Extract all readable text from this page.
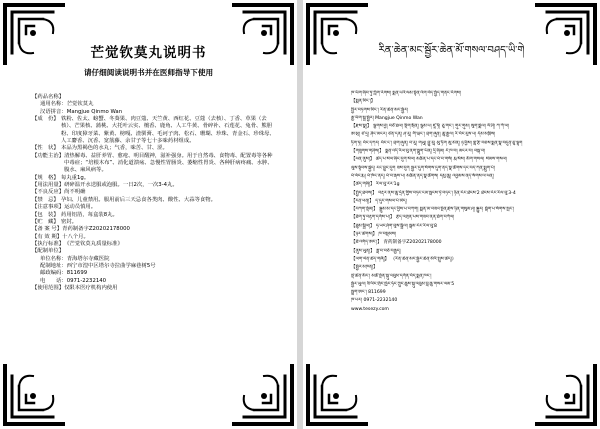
芒觉钦莫丸说明书
请仔细阅读说明书并在医师指导下使用
【药品名称】
通用名称：芒觉钦莫丸
汉语拼音：Mangjue Qinmo Wan
【成　份】 铁粉、佐太、螃蟹、冬葵果、肉豆蔻、天竺黄、西红花、豆蔻（去核）、丁香、草果（去核）、芒果核、蒲桃、大托叶云实、檀香、鹿角、人工牛黄、骨碎补、石莲花、兔骨、熊胆粉、印度獐牙菜、紫黄、榜嘎、渣驯膏、毛诃子肉、松石、珊瑚、珍珠、青金石、珍珠母、人工麝香、沉香、宽筋藤、余甘子等七十多味药材组成。
【性　状】 本品为黑褐色的水丸；气香，味苦、甘、涩。
【功能主治】 清热解毒、益肝养胃、愈疮、明目醒神，滋补强身。用于自然毒、食物毒、配置毒等各种中毒症；“培根木布”、消化道溃疡、急慢性胃肠炎、萎缩性胃炎、各种肝病疼痛、水肿、腹水、麻风病等。
【规　格】 每丸重1g。
【用法用量】 研碎温开水送服或泡服。一日2次，一次3-4丸。
【不良反应】 尚不明确
【禁　忌】 孕妇、儿童禁用。服用前后三天忌食各类肉、酸性、大蒜等食物。
【注意事项】 运动员慎用。
【包　装】 药用铝箔，每盒装8丸。
【贮　藏】 密封。
【备 案 号】 青药制备字Z20202178000
【有 效 期】 十八个月。
【执行标准】 《芒觉钦莫丸质量标准》
【配制单位】
单位名称：青海塔尔寺藏医院
配制地址：西宁市湟中区塔尔寺拉曲学麻巷树5号
邮政编码：811699
电　　话：0971-2232140
【使用范围】 仅限本医疗机构内使用
རིན་ཆེན་མང་སྦྱོར་ཆེན་མོ་གསལ་བཤད་ཡི་གེ
ཁ་ཡིག་ཞིབ་ཏུ་ཀློག་རོགས། སྨན་པའི་ལམ་སྟོན་འོག་བེད་སྤྱོད་གནང་རོགས།
【སྨན་མིང་།】
སྤྱིར་བཏགས་མིང་། རིན་ཆེན་མང་སྦྱོར།
རྒྱ་ཡིག་སྒྲ་སྦྱོར། Mangjue Qinmo Wan
【རྫས་སྣ།】 ལྕགས་ཕྱེ། བཙོ་ཐལ། སྡིག་སྲིན། ལྕམ་པ། ཛཱ་ཏི། ཅུ་གང་། གུར་གུམ། སུག་སྨེལ། ལི་ཤི། ཀ་ཀོ་ལ།
ཨ་མྲ། ཙ་དྲ། ཤིང་མངར། ཙན་དན། ཤ་རུ། གི་ཝང་། བྲག་ཞུན། ཆུ་རྒྱལ། རི་བོང་རུས་པ། དོམ་མཁྲིས།
ཏིག་ཏ། བོང་དཀར། བོང་ང་། བྲག་ཞུན། བ་རུ། གཡུ། བྱུ་རུ། མུ་ཏིག མུ་མེན། ཉ་ཕྱིས། གླ་རྩི་བཅས་སྨན་སྣ་བདུན་ཅུ་ལྷག
【གཟུགས་གཤིས།】 སྨན་འདི་རིལ་བུ་ནག་སྨུག་ཡིན། དྲི་ཞིམ། རོ་ཁ་བ། མངར་བ། བསྐ་བ།
【ཕན་ནུས།】 ཚད་པ་སེལ་ཞིང་དུག་སེལ། མཆིན་པ་དང་ཕོ་བ་གསོ། རྨ་སོས། མིག་གསལ། སེམས་གསལ།
ལུས་སྟོབས་སྐྱེད། རང་བྱུང་དུག ཟས་དུག སྦྱར་དུག་སོགས་དུག་ནད་སྣ་ཚོགས་དང་བད་ཀན་སྨུག་པོ།
ཕོ་ལོང་རྨ། ཕོ་ཁོང་ནད། ཕོ་བ་རྒས་པ། མཆིན་ནད་སྣ་ཚོགས། དམུ་ཆུ། འབྱམས་ནད་སོགས་ལ་ཕན།
【ཚད་གཞི།】 རིལ་བུ་རེར་1g
【སྤྱོད་ཐབས།】 བརྡར་ནས་ཆུ་དྲོན་གྱིས་བཏང་ངམ་སྦངས་ཏེ་བཏང་། ཉིན་རེར་ཐེངས་2 ཐེངས་རེར་རིལ་བུ་3-4
【ངན་ཕན།】 ད་དུང་གསལ་པོ་མེད།
【བཀག་སྡོམ།】 སྦྲུམ་མ་དང་བྱིས་པ་བཀག། སྨན་མ་བཟའ་སྔོན་རྗེས་ཉིན་གསུམ་ཤ། སྐྱུར། སྒོག་པ་སོགས་སྤང་།
【ཐོག་ཏུ་བརྟག་དགོས་པ།】 རྩེད་འགྲན་པས་གཟབ་ནན་ཐོག་བཀོལ།
【ཐུམ་སྒྲིལ།】 ཧ་ཡང་ཤོག་བུས་སྒྲིལ། སྒམ་རེར་རིལ་བུ་8
【ཉར་ཚགས།】 ཁ་བསྡམས།
【ཐོ་འགོད་ཨང་།】 青药制备字Z20202178000
【ནུས་ཡུན།】 ཟླ་བ་བཅོ་བརྒྱད།
【ལག་ལེན་ཚད་གཞི།】 《རིན་ཆེན་མང་སྦྱོར་ཆེན་མོའི་སྤུས་ཚད།》
【སྦྱོར་མཁན།】
སྡེ་ཚན་མིང་། མཚོ་སྔོན་སྐུ་འབུམ་དགོན་བོད་སྨན་ཁང་།
སྦྱོར་ཡུལ། ཟི་ལིང་གྲོང་ཁྱེར་ཧོང་ཀྲུང་ཆུས་སྐུ་འབུམ་བླ་ཆུ་གསར་ལམ་5
སྦྲག་ཨང་། 811699
ཁ་པར། 0971-2232140
www.tesezy.com
